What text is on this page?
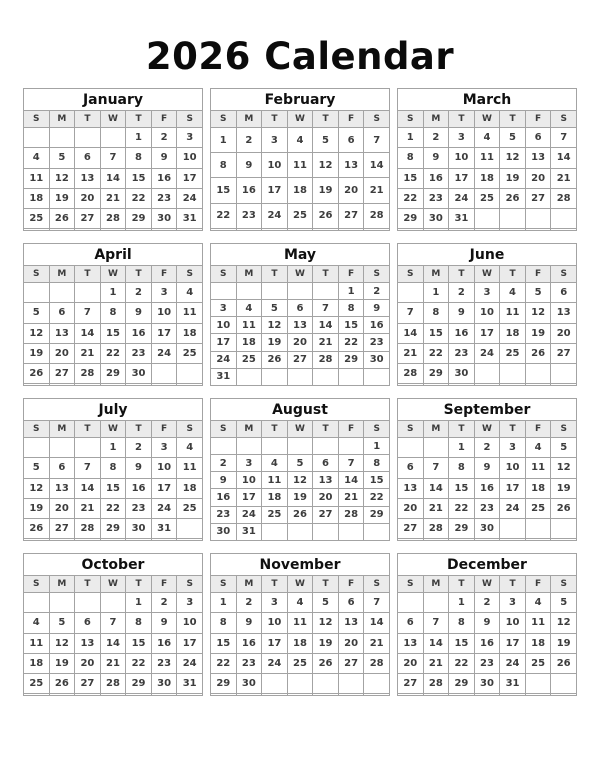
2026 Calendar
January						
S	M	T	W	T	F	S
				1	2	3
4	5	6	7	8	9	10
11	12	13	14	15	16	17
18	19	20	21	22	23	24
25	26	27	28	29	30	31

February						
S	M	T	W	T	F	S
1	2	3	4	5	6	7
8	9	10	11	12	13	14
15	16	17	18	19	20	21
22	23	24	25	26	27	28

March						
S	M	T	W	T	F	S
1	2	3	4	5	6	7
8	9	10	11	12	13	14
15	16	17	18	19	20	21
22	23	24	25	26	27	28
29	30	31				

April						
S	M	T	W	T	F	S
			1	2	3	4
5	6	7	8	9	10	11
12	13	14	15	16	17	18
19	20	21	22	23	24	25
26	27	28	29	30		

May						
S	M	T	W	T	F	S
					1	2
3	4	5	6	7	8	9
10	11	12	13	14	15	16
17	18	19	20	21	22	23
24	25	26	27	28	29	30
31						
June						
S	M	T	W	T	F	S
	1	2	3	4	5	6
7	8	9	10	11	12	13
14	15	16	17	18	19	20
21	22	23	24	25	26	27
28	29	30				

July						
S	M	T	W	T	F	S
			1	2	3	4
5	6	7	8	9	10	11
12	13	14	15	16	17	18
19	20	21	22	23	24	25
26	27	28	29	30	31	

August						
S	M	T	W	T	F	S
						1
2	3	4	5	6	7	8
9	10	11	12	13	14	15
16	17	18	19	20	21	22
23	24	25	26	27	28	29
30	31					
September						
S	M	T	W	T	F	S
		1	2	3	4	5
6	7	8	9	10	11	12
13	14	15	16	17	18	19
20	21	22	23	24	25	26
27	28	29	30			

October						
S	M	T	W	T	F	S
				1	2	3
4	5	6	7	8	9	10
11	12	13	14	15	16	17
18	19	20	21	22	23	24
25	26	27	28	29	30	31

November						
S	M	T	W	T	F	S
1	2	3	4	5	6	7
8	9	10	11	12	13	14
15	16	17	18	19	20	21
22	23	24	25	26	27	28
29	30					

December						
S	M	T	W	T	F	S
		1	2	3	4	5
6	7	8	9	10	11	12
13	14	15	16	17	18	19
20	21	22	23	24	25	26
27	28	29	30	31		
